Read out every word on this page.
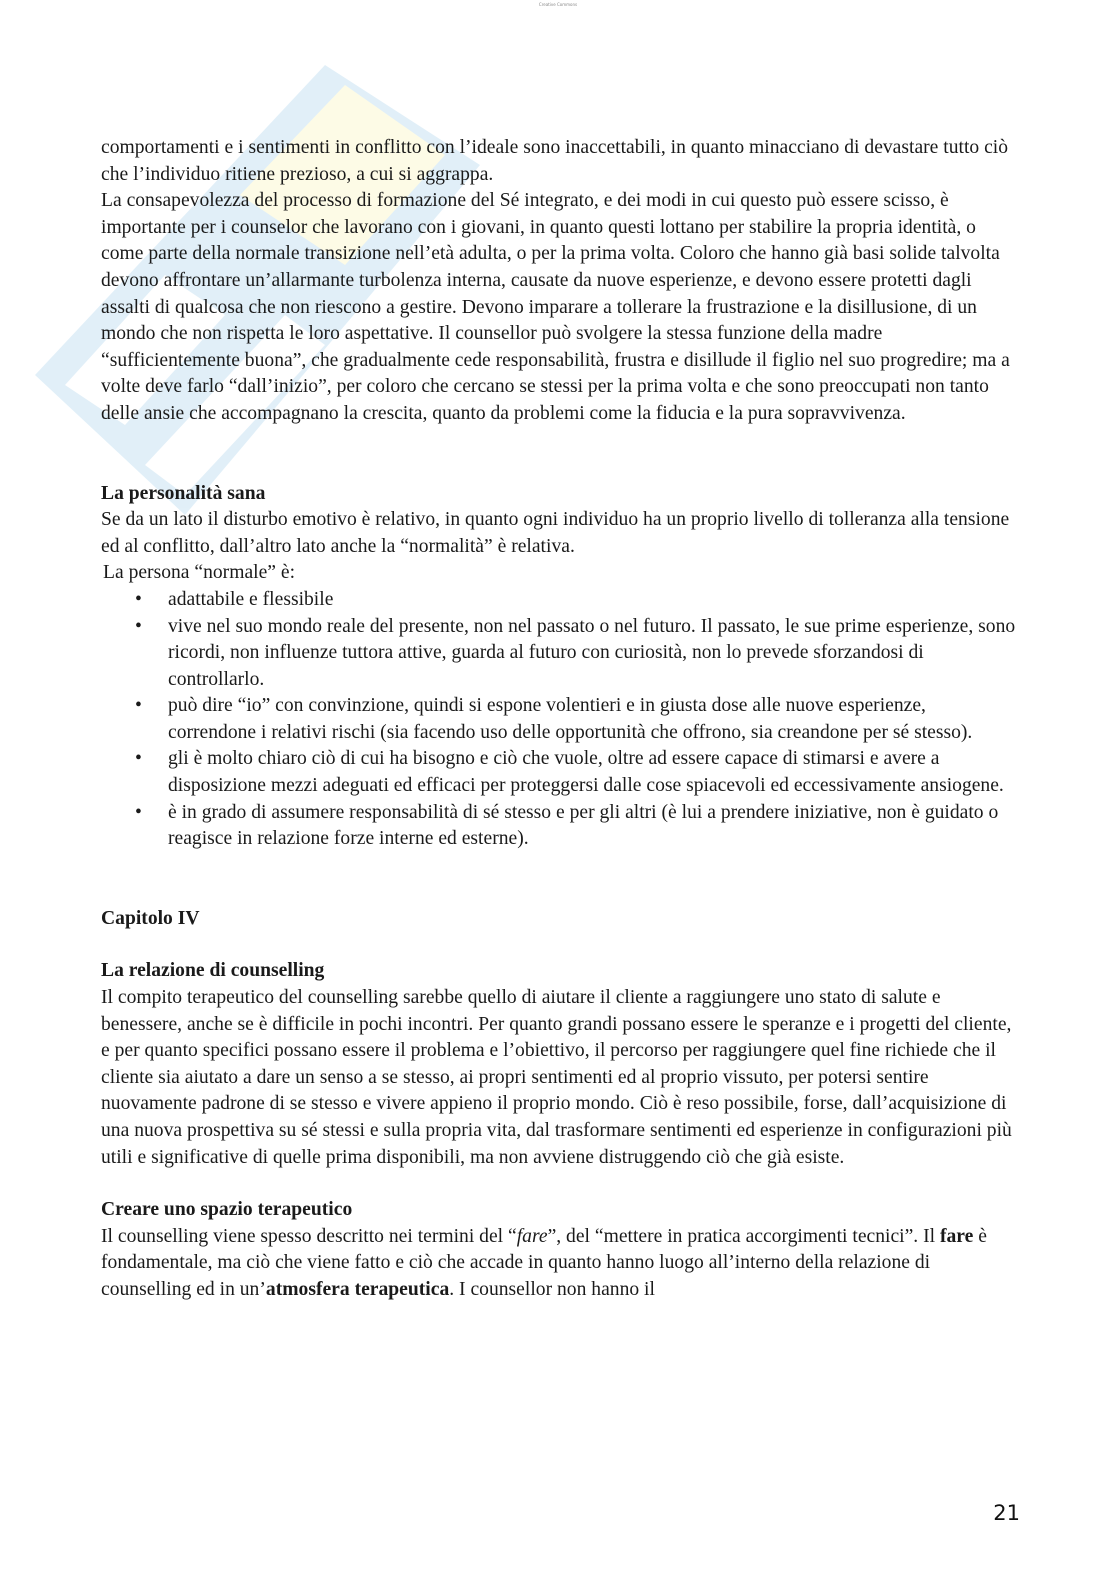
Creative Commons

comportamenti e i sentimenti in conflitto con l’ideale sono inaccettabili, in quanto minacciano di devastare tutto ciò che l’individuo ritiene prezioso, a cui si aggrappa.

La consapevolezza del processo di formazione del Sé integrato, e dei modi in cui questo può essere scisso, è importante per i counselor che lavorano con i giovani, in quanto questi lottano per stabilire la propria identità, o come parte della normale transizione nell’età adulta, o per la prima volta. Coloro che hanno già basi solide talvolta devono affrontare un’allarmante turbolenza interna, causate da nuove esperienze, e devono essere protetti dagli assalti di qualcosa che non riescono a gestire. Devono imparare a tollerare la frustrazione e la disillusione, di un mondo che non rispetta le loro aspettative. Il counsellor può svolgere la stessa funzione della madre “sufficientemente buona”, che gradualmente cede responsabilità, frustra e disillude il figlio nel suo progredire; ma a volte deve farlo “dall’inizio”, per coloro che cercano se stessi per la prima volta e che sono preoccupati non tanto delle ansie che accompagnano la crescita, quanto da problemi come la fiducia e la pura sopravvivenza.

La personalità sana

Se da un lato il disturbo emotivo è relativo, in quanto ogni individuo ha un proprio livello di tolleranza alla tensione ed al conflitto, dall’altro lato anche la “normalità” è relativa.

La persona “normale” è:

• adattabile e flessibile
• vive nel suo mondo reale del presente, non nel passato o nel futuro. Il passato, le sue prime esperienze, sono ricordi, non influenze tuttora attive, guarda al futuro con curiosità, non lo prevede sforzandosi di controllarlo.
• può dire “io” con convinzione, quindi si espone volentieri e in giusta dose alle nuove esperienze, correndone i relativi rischi (sia facendo uso delle opportunità che offrono, sia creandone per sé stesso).
• gli è molto chiaro ciò di cui ha bisogno e ciò che vuole, oltre ad essere capace di stimarsi e avere a disposizione mezzi adeguati ed efficaci per proteggersi dalle cose spiacevoli ed eccessivamente ansiogene.
• è in grado di assumere responsabilità di sé stesso e per gli altri (è lui a prendere iniziative, non è guidato o reagisce in relazione forze interne ed esterne).

Capitolo IV

La relazione di counselling

Il compito terapeutico del counselling sarebbe quello di aiutare il cliente a raggiungere uno stato di salute e benessere, anche se è difficile in pochi incontri. Per quanto grandi possano essere le speranze e i progetti del cliente, e per quanto specifici possano essere il problema e l’obiettivo, il percorso per raggiungere quel fine richiede che il cliente sia aiutato a dare un senso a se stesso, ai propri sentimenti ed al proprio vissuto, per potersi sentire nuovamente padrone di se stesso e vivere appieno il proprio mondo. Ciò è reso possibile, forse, dall’acquisizione di una nuova prospettiva su sé stessi e sulla propria vita, dal trasformare sentimenti ed esperienze in configurazioni più utili e significative di quelle prima disponibili, ma non avviene distruggendo ciò che già esiste.

Creare uno spazio terapeutico

Il counselling viene spesso descritto nei termini del “fare”, del “mettere in pratica accorgimenti tecnici”. Il fare è fondamentale, ma ciò che viene fatto e ciò che accade in quanto hanno luogo all’interno della relazione di counselling ed in un’atmosfera terapeutica. I counsellor non hanno il

21
